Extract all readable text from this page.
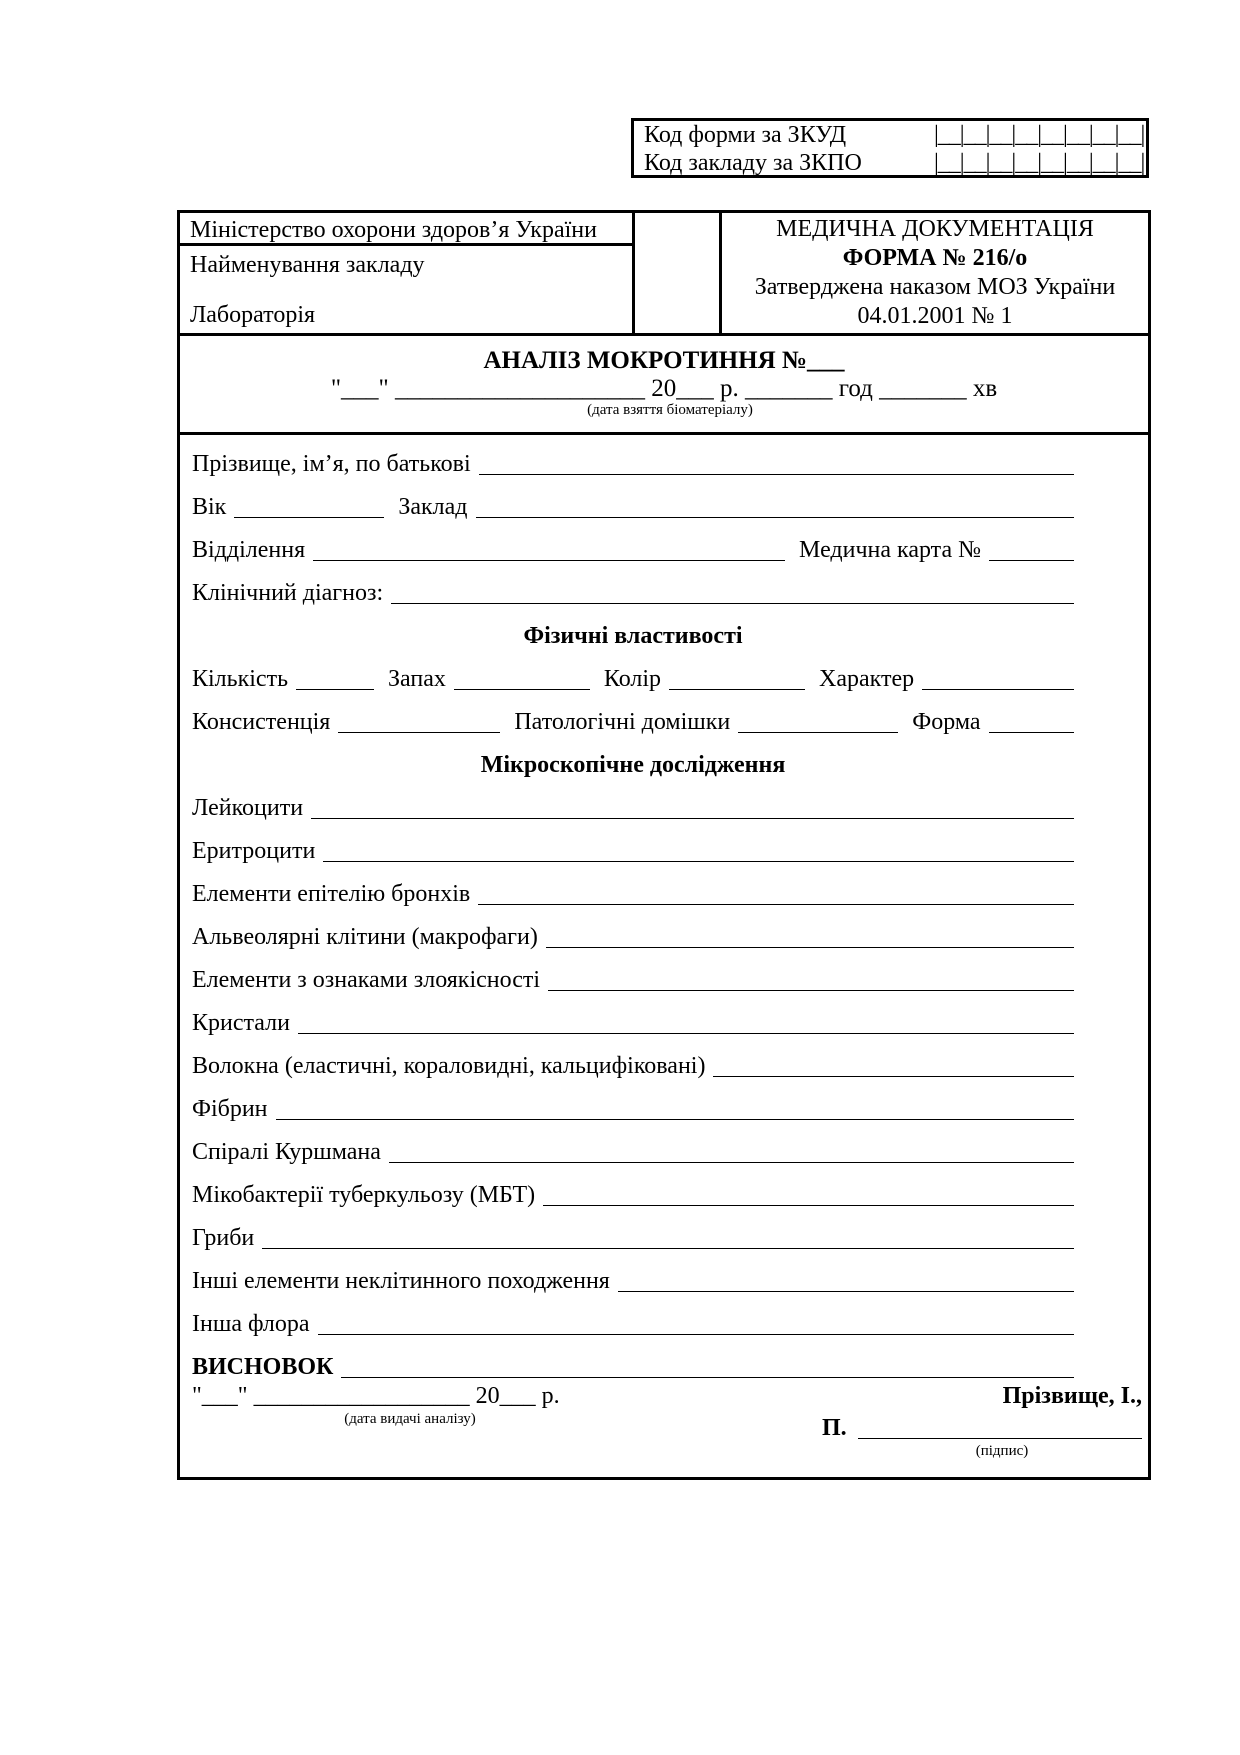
Код форми за ЗКУД	|__|__|__|__|__|__|__|__|
Код закладу за ЗКПО	|__|__|__|__|__|__|__|__|
Міністерство охорони здоров’я України
Найменування закладу
Лабораторія
МЕДИЧНА ДОКУМЕНТАЦІЯ
ФОРМА № 216/о
Затверджена наказом МОЗ України
04.01.2001 № 1
АНАЛІЗ МОКРОТИННЯ №___
"___" ____________________ 20___ р. _______ год _______ хв
(дата взяття біоматеріалу)
Прізвище, ім’я, по батькові
Вік	Заклад
Відділення	Медична карта №
Клінічний діагноз:
Фізичні властивості
Кількість	Запах	Колір	Характер
Консистенція	Патологічні домішки	Форма
Мікроскопічне дослідження
Лейкоцити
Еритроцити
Елементи епітелію бронхів
Альвеолярні клітини (макрофаги)
Елементи з ознаками злоякісності
Кристали
Волокна (еластичні, кораловидні, кальцифіковані)
Фібрин
Спіралі Куршмана
Мікобактерії туберкульозу (МБТ)
Гриби
Інші елементи неклітинного походження
Інша флора
ВИСНОВОК
"___" __________________ 20___ р.
(дата видачі аналізу)
Прізвище, І.,
П.
(підпис)
